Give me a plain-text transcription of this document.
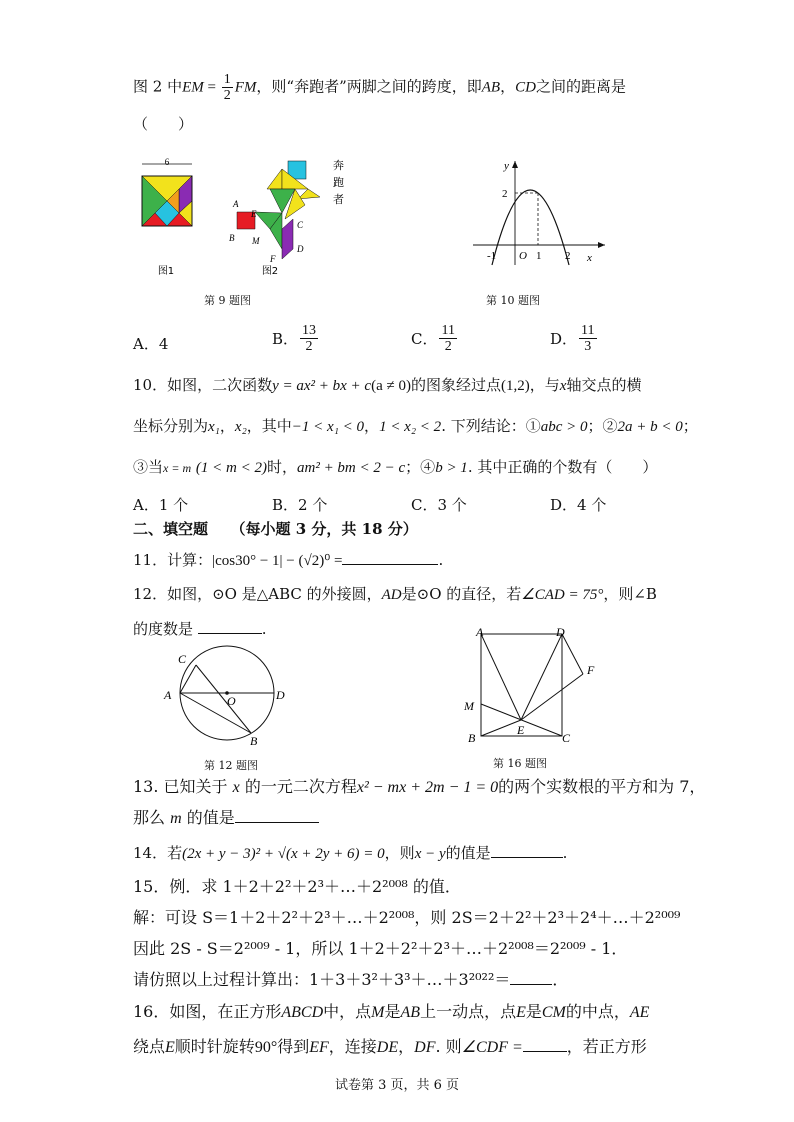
图 2 中EM = $\frac{1}{2}$ FM，则“奔跑者”两脚之间的跨度，即AB，CD之间的距离是
（　　）
6
图1
A
B
E
M
F
C
D
图2
奔
跑
者
第 9 题图
y
x
2
O
-1	1 2
第 10 题图
A．4	B． $\frac{13}{2}$	C． $\frac{11}{2}$	D． $\frac{11}{3}$
10．如图，二次函数y = ax² + bx + c(a ≠ 0)的图象经过点(1,2)，与x轴交点的横
坐标分别为x₁，x₂，其中−1 < x₁ < 0，1 < x₂ < 2. 下列结论：①abc > 0；②2a + b < 0；
③当x = m (1 < m < 2)时，am² + bm < 2 − c；④b > 1. 其中正确的个数有（　　）
A．1 个	B．2 个	C．3 个	D．4 个
二、填空题　　 （每小题 3 分，共 18 分）
11．计算：|cos30° − 1| − (√2)⁰ =	.
12．如图，⊙O 是△ABC 的外接圆，AD是⊙O 的直径，若∠CAD = 75°，则∠B
的度数是	.
A	D
C
B
O
第 12 题图
A	D
F
M
E
B	C
第 16 题图
13. 已知关于 x 的一元二次方程x² − mx + 2m − 1 = 0的两个实数根的平方和为 7，
那么 m 的值是
14．若(2x + y − 3)² + √(x + 2y + 6) = 0，则x − y的值是	.
15．例．求 1＋2＋2²＋2³＋…＋2²⁰⁰⁸ 的值．
解：可设 S＝1＋2＋2²＋2³＋…＋2²⁰⁰⁸，则 2S＝2＋2²＋2³＋2⁴＋…＋2²⁰⁰⁹
因此 2S - S＝2²⁰⁰⁹ - 1，所以 1＋2＋2²＋2³＋…＋2²⁰⁰⁸＝2²⁰⁰⁹ - 1．
请仿照以上过程计算出：1＋3＋3²＋3³＋…＋3²⁰²²＝	．
16．如图，在正方形ABCD中，点M是AB上一动点，点E是CM的中点，AE
绕点E顺时针旋转90°得到EF，连接DE，DF. 则∠CDF =	，若正方形
试卷第 3 页，共 6 页
